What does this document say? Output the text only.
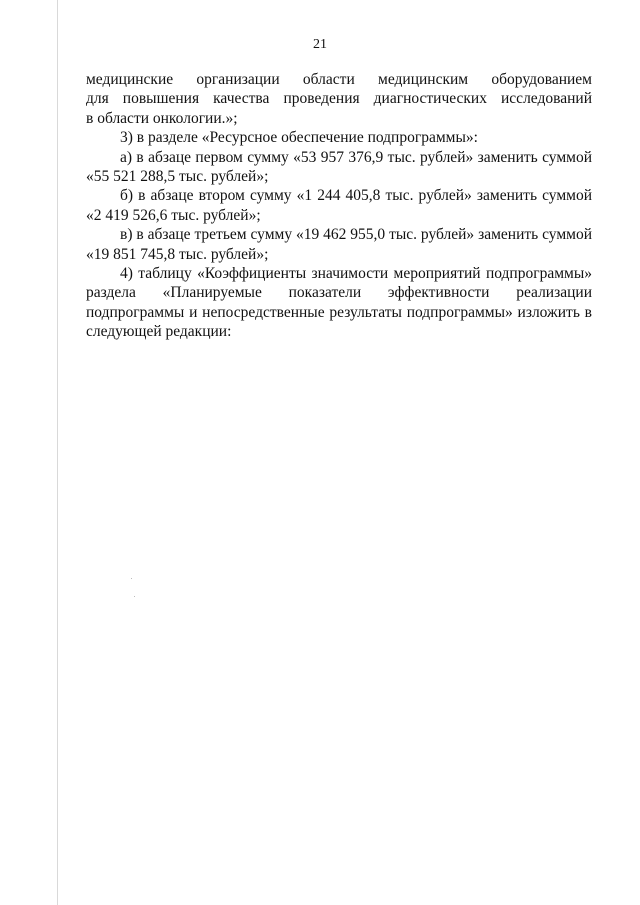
21

медицинские организации области медицинским оборудованием
для повышения качества проведения диагностических исследований
в области онкологии.»;

3) в разделе «Ресурсное обеспечение подпрограммы»:

а) в абзаце первом сумму «53 957 376,9 тыс. рублей» заменить суммой
«55 521 288,5 тыс. рублей»;

б) в абзаце втором сумму «1 244 405,8 тыс. рублей» заменить суммой
«2 419 526,6 тыс. рублей»;

в) в абзаце третьем сумму «19 462 955,0 тыс. рублей» заменить суммой
«19 851 745,8 тыс. рублей»;

4) таблицу «Коэффициенты значимости мероприятий подпрограммы»
раздела «Планируемые показатели эффективности реализации
подпрограммы и непосредственные результаты подпрограммы» изложить в
следующей редакции:
